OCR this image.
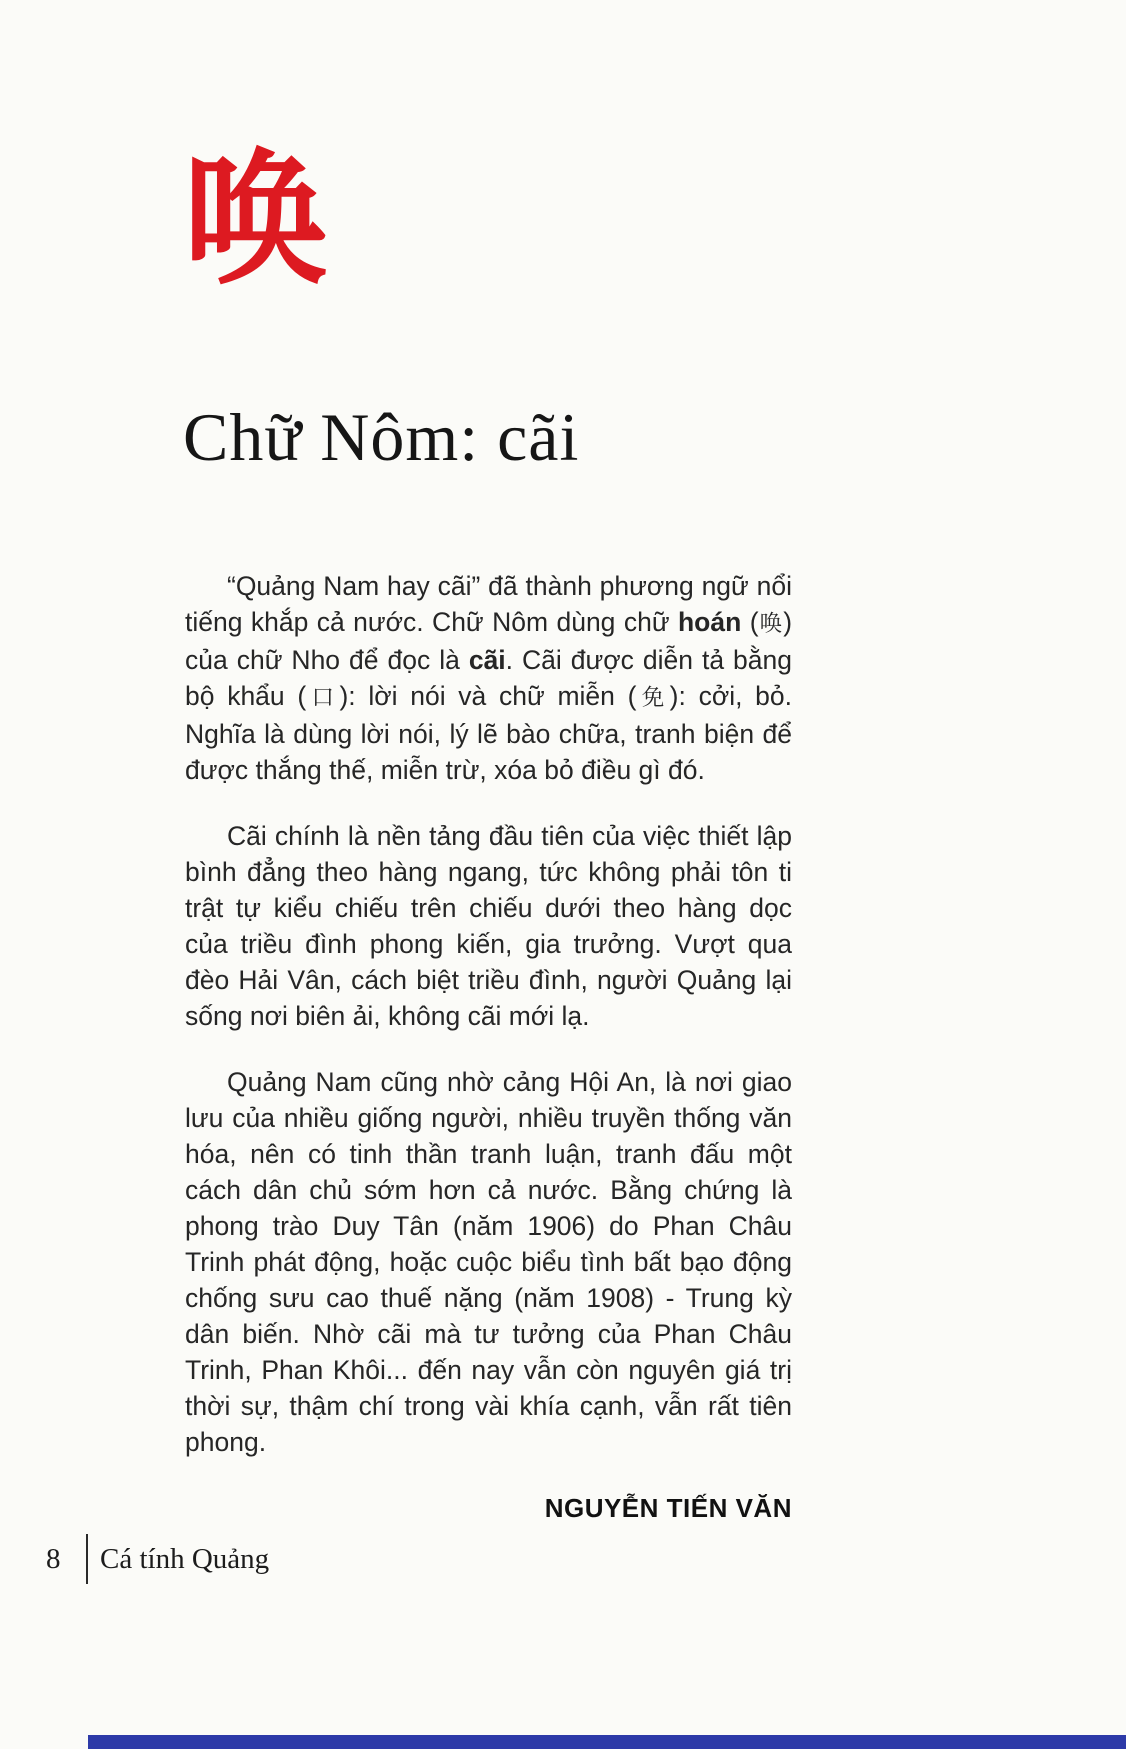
唤
Chữ Nôm: cãi

“Quảng Nam hay cãi” đã thành phương ngữ nổi tiếng khắp cả nước. Chữ Nôm dùng chữ hoán (唤) của chữ Nho để đọc là cãi. Cãi được diễn tả bằng bộ khẩu (口): lời nói và chữ miễn (免): cởi, bỏ. Nghĩa là dùng lời nói, lý lẽ bào chữa, tranh biện để được thắng thế, miễn trừ, xóa bỏ điều gì đó.

Cãi chính là nền tảng đầu tiên của việc thiết lập bình đẳng theo hàng ngang, tức không phải tôn ti trật tự kiểu chiếu trên chiếu dưới theo hàng dọc của triều đình phong kiến, gia trưởng. Vượt qua đèo Hải Vân, cách biệt triều đình, người Quảng lại sống nơi biên ải, không cãi mới lạ.

Quảng Nam cũng nhờ cảng Hội An, là nơi giao lưu của nhiều giống người, nhiều truyền thống văn hóa, nên có tinh thần tranh luận, tranh đấu một cách dân chủ sớm hơn cả nước. Bằng chứng là phong trào Duy Tân (năm 1906) do Phan Châu Trinh phát động, hoặc cuộc biểu tình bất bạo động chống sưu cao thuế nặng (năm 1908) - Trung kỳ dân biến. Nhờ cãi mà tư tưởng của Phan Châu Trinh, Phan Khôi... đến nay vẫn còn nguyên giá trị thời sự, thậm chí trong vài khía cạnh, vẫn rất tiên phong.

NGUYỄN TIẾN VĂN
8	Cá tính Quảng
